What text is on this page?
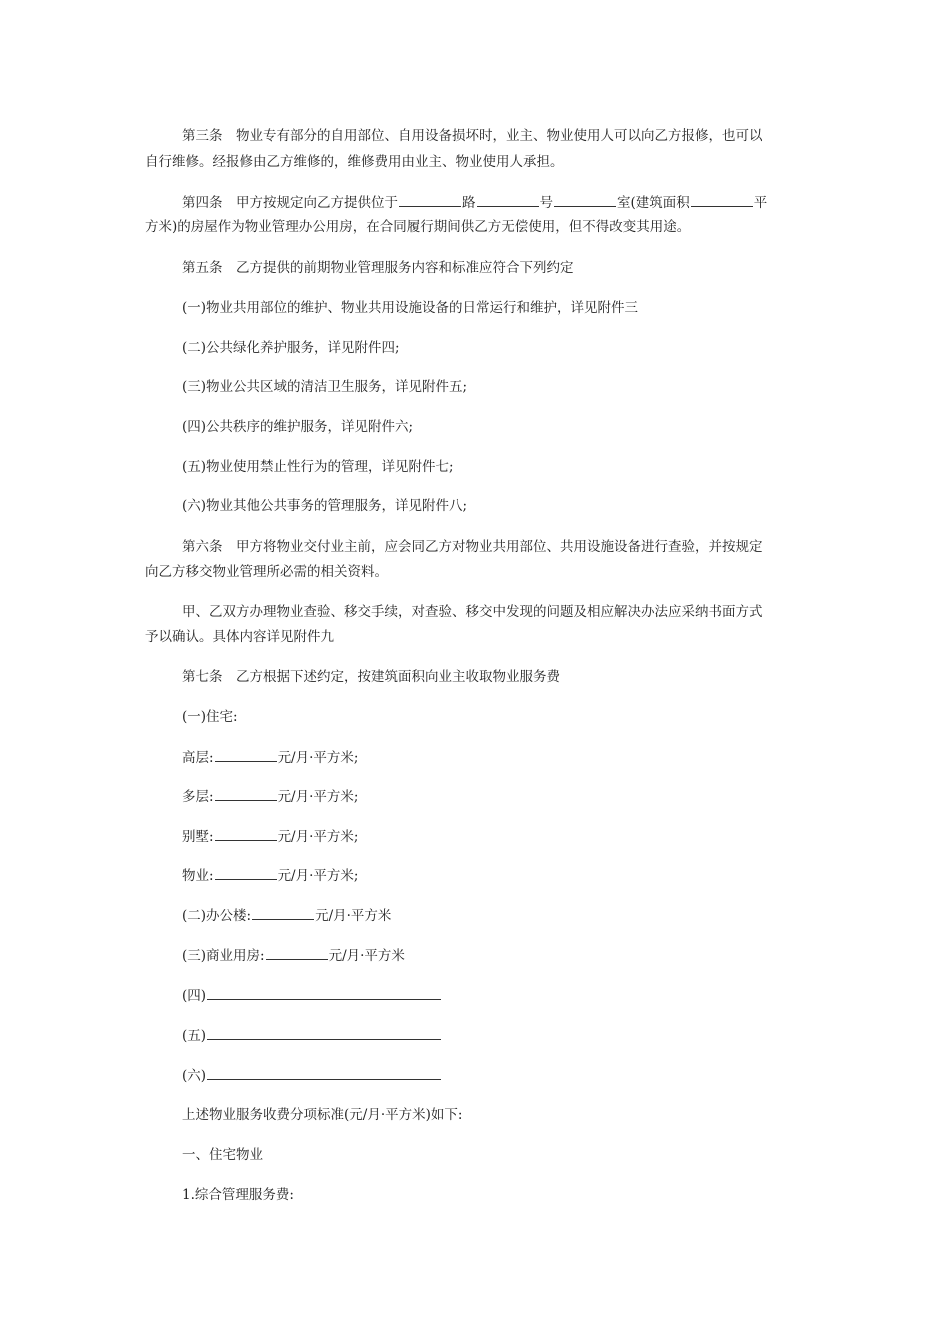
第三条　物业专有部分的自用部位、自用设备损坏时，业主、物业使用人可以向乙方报修，也可以
自行维修。经报修由乙方维修的，维修费用由业主、物业使用人承担。
第四条　甲方按规定向乙方提供位于	路	号	室(建筑面积	平
方米)的房屋作为物业管理办公用房，在合同履行期间供乙方无偿使用，但不得改变其用途。
第五条　乙方提供的前期物业管理服务内容和标准应符合下列约定
(一)物业共用部位的维护、物业共用设施设备的日常运行和维护，详见附件三
(二)公共绿化养护服务，详见附件四;
(三)物业公共区域的清洁卫生服务，详见附件五;
(四)公共秩序的维护服务，详见附件六;
(五)物业使用禁止性行为的管理，详见附件七;
(六)物业其他公共事务的管理服务，详见附件八;
第六条　甲方将物业交付业主前，应会同乙方对物业共用部位、共用设施设备进行查验，并按规定
向乙方移交物业管理所必需的相关资料。
甲、乙双方办理物业查验、移交手续，对查验、移交中发现的问题及相应解决办法应采纳书面方式
予以确认。具体内容详见附件九
第七条　乙方根据下述约定，按建筑面积向业主收取物业服务费
(一)住宅:
高层:	元/月·平方米;
多层:	元/月·平方米;
别墅:	元/月·平方米;
物业:	元/月·平方米;
(二)办公楼:	元/月·平方米
(三)商业用房:	元/月·平方米
(四)
(五)
(六)
上述物业服务收费分项标准(元/月·平方米)如下:
一、住宅物业
1.综合管理服务费:
